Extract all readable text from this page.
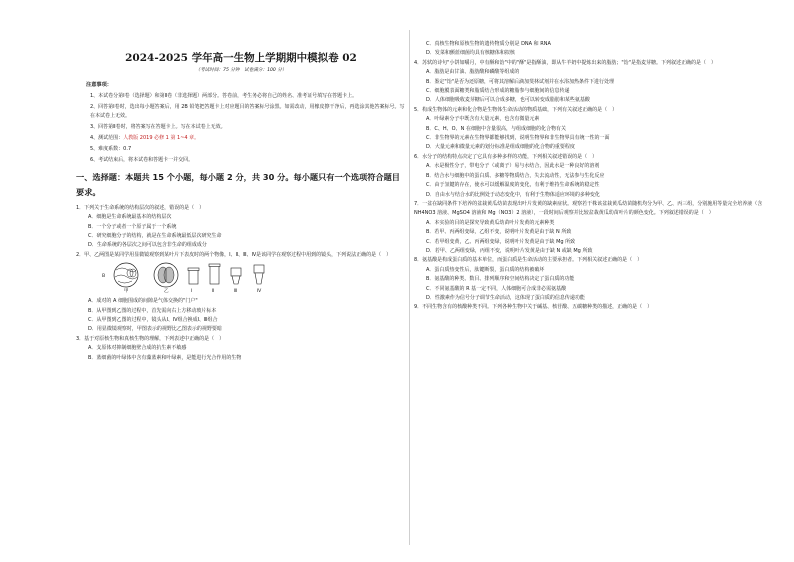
2024-2025 学年高一生物上学期期中模拟卷 02
（考试时间：75 分钟　试卷满分：100 分）
注意事项：

1、本试卷分第Ⅰ卷（选择题）和第Ⅱ卷（非选择题）两部分。答卷前，考生务必将自己的姓名、准考证号填写在答题卡上。

2、回答第Ⅰ卷时，选出每小题答案后，用 2B 铅笔把答题卡上对应题目的答案标号涂黑。如需改动，用橡皮擦干净后，再选涂其他答案标号。写在本试卷上无效。

3、回答第Ⅱ卷时，将答案写在答题卡上。写在本试卷上无效。

4、测试范围：人教版 2019 必修 1 第 1~4 章。

5、难度系数：0.7

6、考试结束后，将本试卷和答题卡一并交回。

一、选择题：本题共 15 个小题，每小题 2 分，共 30 分。每小题只有一个选项符合题目要求。

1．下列关于生命系统的结构层次的叙述，错误的是（　）

A．细胞是生命系统最基本的结构层次

B．一个分子或者一个原子属于一个系统

C．研究细胞分子的结构，就是在生命系统最低层次研究生命

D．生命系统的各层次之间可以包含非生命的组成成分

2．甲、乙两图是某同学用显微镜观察到某叶片下表皮时的两个物像，Ⅰ、Ⅱ、Ⅲ、Ⅳ是该同学在观察过程中用到的镜头，下列说法正确的是（　）

B
甲	乙	Ⅰ	Ⅱ	Ⅲ	Ⅳ

A．成对的 A 细胞围成的间隙是气体交换的"门户"

B．从甲图到乙图的过程中，首先需向右上方移动玻片标本

C．从甲图到乙图的过程中，镜头从Ⅰ、Ⅳ组合换成Ⅰ、Ⅲ组合

D．用显微镜观察时，甲图表示的视野比乙图表示的视野要暗

3．基于对原核生物和真核生物的理解，下列表述中正确的是（　）

A．支原体对抑制细胞壁合成的抗生素不敏感

B．蓝细菌的叶绿体中含有藻蓝素和叶绿素，是能进行光合作用的生物

C．真核生物和原核生物的遗传物质分别是 DNA 和 RNA

D．发菜和颤蓝细菌均具有核糖体和拟核

4．苏轼的诗句"小饼如嚼月，中有酥和饴"中的"酥"是指酥油，即从牛羊奶中提炼出来的脂肪；"饴"是指麦芽糖。下列叙述正确的是（　）

A．脂肪是由甘油、脂肪酸和磷酸等组成的

B．鉴定"饴"是否为还原糖，可将其溶解后滴加斐林试剂并在水浴加热条件下进行处理

C．细胞膜表面糖类和脂质结合形成的糖脂参与细胞间的信息传递

D．人体细胞吸收麦芽糖后可以合成多糖，也可以转变成脂肪和某些氨基酸

5．构成生物体的元素和化合物是生物体生命活动的物质基础，下列有关叙述正确的是（　）

A．叶绿素分子中既含有大量元素，也含有微量元素

B．C、H、O、N 在细胞中含量很高，与组成细胞的化合物有关

C．非生物界的元素在生物界都能够找到，说明生物界和非生物界具有统一性的一面

D．大量元素和微量元素的划分标准是组成细胞的化合物的重要程度

6．水分子的结构特点决定了它具有多种多样的功能，下列相关叙述错误的是（　）

A．水是极性分子，带电分子（或离子）易与水结合，因此水是一种良好的溶剂

B．结合水与细胞中的蛋白质、多糖等物质结合，失去流动性，无法参与生化反应

C．由于氢键的存在，使水可以缓解温度的变化，有利于维持生命系统的稳定性

D．自由水与结合水的比例处于动态变化中，有利于生物体适应环境的多种变化

7．一盆在缺同条件下培养的盆栽黄瓜幼苗表现出叶片发黄的缺素症状。观察若干株该盆栽黄瓜幼苗随机均分为甲、乙、丙三组，分别施用等量完全培养液（含 NH4NO3 溶液、MgSO4 溶液和 Mg（NO3）2 溶液），一段时间后观察并比较盆栽黄瓜幼苗叶片的颜色变化。下列叙述错误的是（　）

A．本实验的目的是探究导致黄瓜幼苗叶片发黄的元素种类

B．若甲、丙两组变绿，乙组不变，说明叶片发黄是由于缺 N 所致

C．若甲组变黄，乙、丙两组变绿，说明叶片发黄是由于缺 Mg 所致

D．若甲、乙两组变绿，丙组不变，说明叶片发黄是由于缺 N 或缺 Mg 所致

8．氨基酸是构成蛋白质的基本单位，而蛋白质是生命活动的主要承担者。下列相关叙述正确的是（　）

A．蛋白质热变性后，肽键断裂，蛋白质的结构被破坏

B．氨基酸的种类、数目、排列顺序和空间结构决定了蛋白质的功能

C．不同氨基酸的 R 基一定不同，人体细胞可合成非必需氨基酸

D．性激素作为信号分子调节生命活动，这体现了蛋白质的信息传递功能

9．不同生物含有的核酸种类不同。下列各种生物中关于碱基、核苷酸、五碳糖种类的描述，正确的是（　）
